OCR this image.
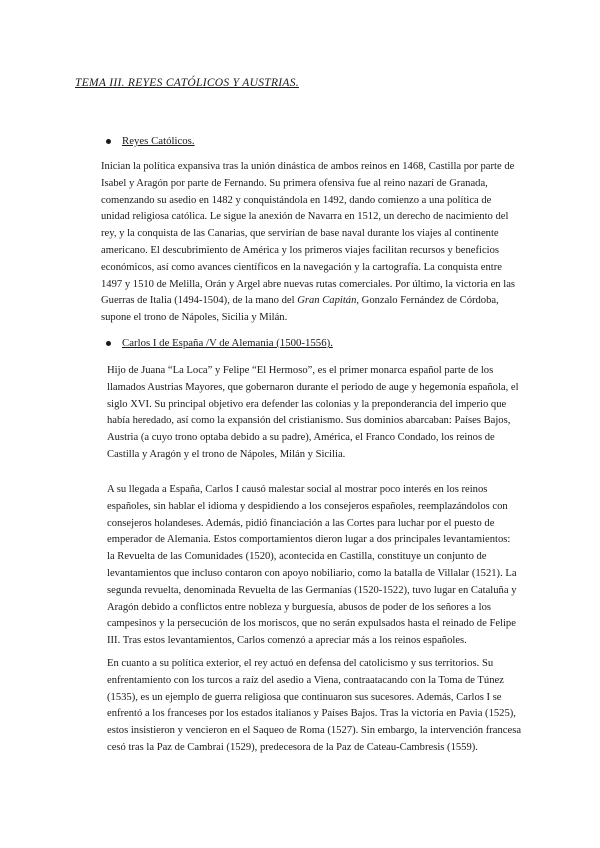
TEMA III. REYES CATÓLICOS Y AUSTRIAS.
Reyes Católicos.
Inician la política expansiva tras la unión dinástica de ambos reinos en 1468, Castilla por parte de
Isabel y Aragón por parte de Fernando. Su primera ofensiva fue al reino nazarí de Granada,
comenzando su asedio en 1482 y conquistándola en 1492, dando comienzo a una política de
unidad religiosa católica. Le sigue la anexión de Navarra en 1512, un derecho de nacimiento del
rey, y la conquista de las Canarias, que servirían de base naval durante los viajes al continente
americano. El descubrimiento de América y los primeros viajes facilitan recursos y beneficios
económicos, así como avances científicos en la navegación y la cartografía. La conquista entre
1497 y 1510 de Melilla, Orán y Argel abre nuevas rutas comerciales. Por último, la victoria en las
Guerras de Italia (1494-1504), de la mano del Gran Capitán, Gonzalo Fernández de Córdoba,
supone el trono de Nápoles, Sicilia y Milán.
Carlos I de España /V de Alemania (1500-1556).
Hijo de Juana “La Loca” y Felipe “El Hermoso”, es el primer monarca español parte de los
llamados Austrias Mayores, que gobernaron durante el periodo de auge y hegemonía española, el
siglo XVI. Su principal objetivo era defender las colonias y la preponderancia del imperio que
había heredado, así como la expansión del cristianismo. Sus dominios abarcaban: Países Bajos,
Austria (a cuyo trono optaba debido a su padre), América, el Franco Condado, los reinos de
Castilla y Aragón y el trono de Nápoles, Milán y Sicilia.
A su llegada a España, Carlos I causó malestar social al mostrar poco interés en los reinos
españoles, sin hablar el idioma y despidiendo a los consejeros españoles, reemplazándolos con
consejeros holandeses. Además, pidió financiación a las Cortes para luchar por el puesto de
emperador de Alemania. Estos comportamientos dieron lugar a dos principales levantamientos:
la Revuelta de las Comunidades (1520), acontecida en Castilla, constituye un conjunto de
levantamientos que incluso contaron con apoyo nobiliario, como la batalla de Villalar (1521). La
segunda revuelta, denominada Revuelta de las Germanías (1520-1522), tuvo lugar en Cataluña y
Aragón debido a conflictos entre nobleza y burguesía, abusos de poder de los señores a los
campesinos y la persecución de los moriscos, que no serán expulsados hasta el reinado de Felipe
III. Tras estos levantamientos, Carlos comenzó a apreciar más a los reinos españoles.
En cuanto a su política exterior, el rey actuó en defensa del catolicismo y sus territorios. Su
enfrentamiento con los turcos a raíz del asedio a Viena, contraatacando con la Toma de Túnez
(1535), es un ejemplo de guerra religiosa que continuaron sus sucesores. Además, Carlos I se
enfrentó a los franceses por los estados italianos y Países Bajos. Tras la victoria en Pavia (1525),
estos insistieron y vencieron en el Saqueo de Roma (1527). Sin embargo, la intervención francesa
cesó tras la Paz de Cambrai (1529), predecesora de la Paz de Cateau-Cambresis (1559).
